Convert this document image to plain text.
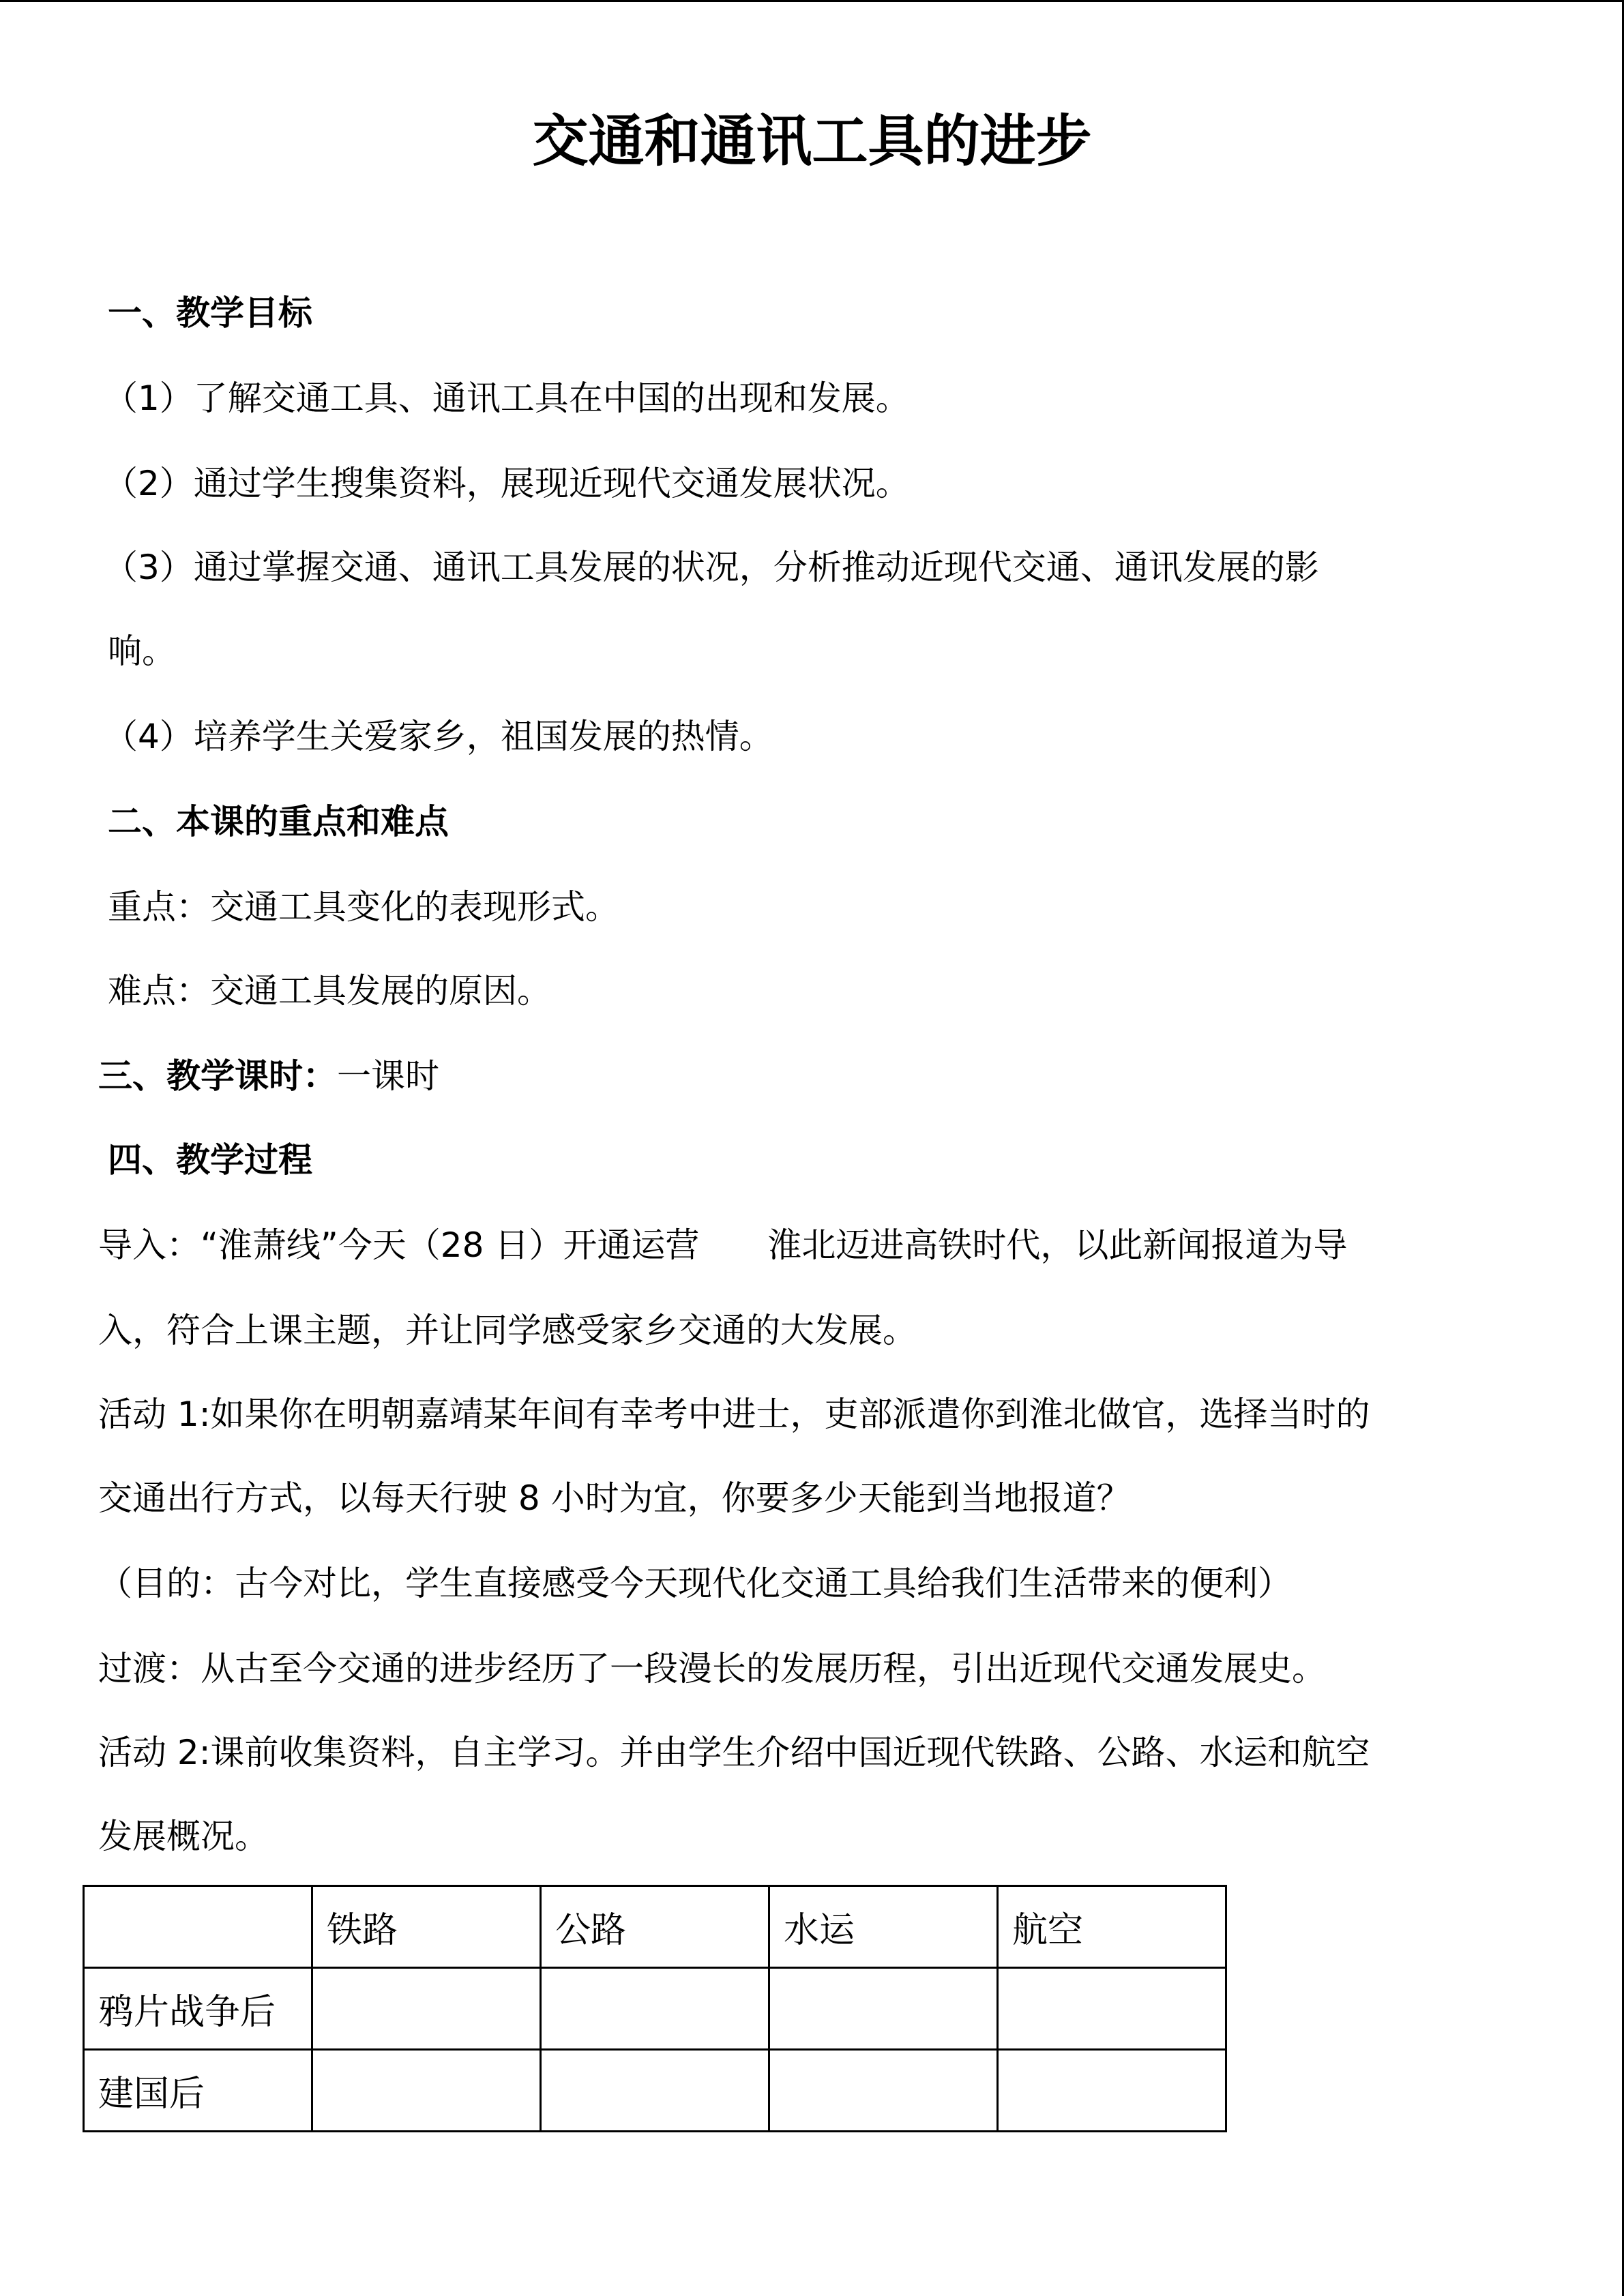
交通和通讯工具的进步
一、教学目标
（1）了解交通工具、通讯工具在中国的出现和发展。
（2）通过学生搜集资料，展现近现代交通发展状况。
（3）通过掌握交通、通讯工具发展的状况，分析推动近现代交通、通讯发展的影
响。
（4）培养学生关爱家乡，祖国发展的热情。
二、本课的重点和难点
重点：交通工具变化的表现形式。
难点：交通工具发展的原因。
三、教学课时：一课时
四、教学过程
导入：“淮萧线”今天（28 日）开通运营　　淮北迈进高铁时代，以此新闻报道为导
入，符合上课主题，并让同学感受家乡交通的大发展。
活动 1:如果你在明朝嘉靖某年间有幸考中进士，吏部派遣你到淮北做官，选择当时的
交通出行方式，以每天行驶 8 小时为宜，你要多少天能到当地报道？
（目的：古今对比，学生直接感受今天现代化交通工具给我们生活带来的便利）
过渡：从古至今交通的进步经历了一段漫长的发展历程，引出近现代交通发展史。
活动 2:课前收集资料，自主学习。并由学生介绍中国近现代铁路、公路、水运和航空
发展概况。
	铁路	公路	水运	航空
鸦片战争后				
建国后				
